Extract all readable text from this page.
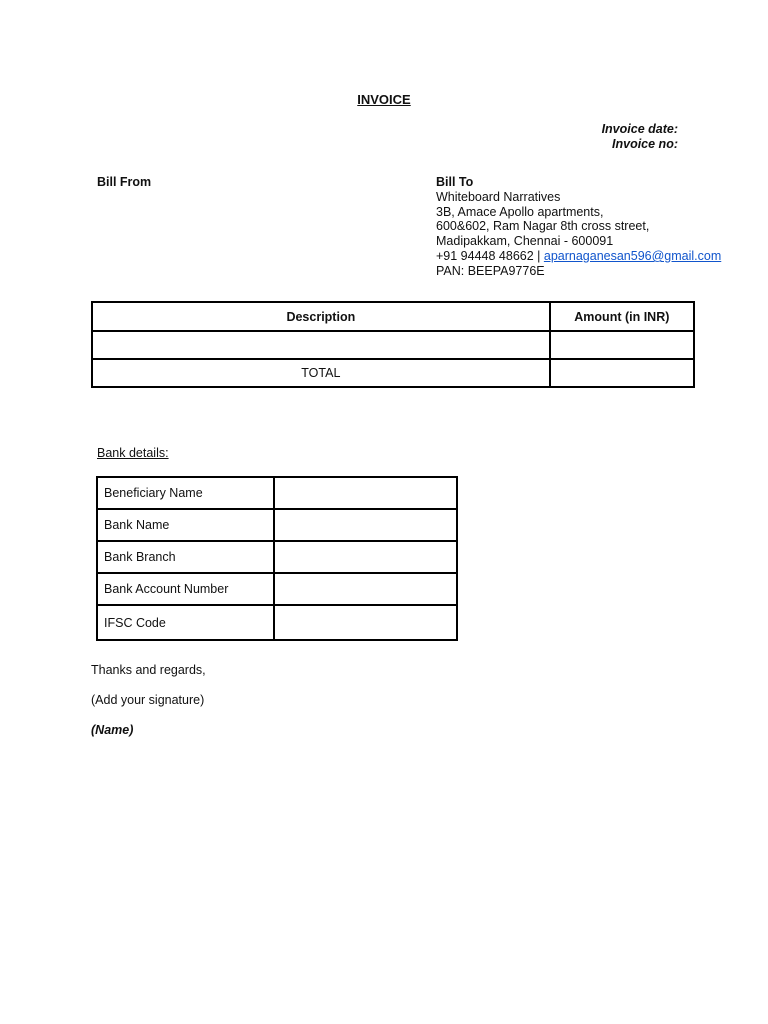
INVOICE
Invoice date:
Invoice no:
Bill From	Bill To
Whiteboard Narratives
3B, Amace Apollo apartments,
600&602, Ram Nagar 8th cross street,
Madipakkam, Chennai - 600091
+91 94448 48662 | aparnaganesan596@gmail.com
PAN: BEEPA9776E
Description	Amount (in INR)

TOTAL	
Bank details:
Beneficiary Name	
Bank Name	
Bank Branch	
Bank Account Number	
IFSC Code	
Thanks and regards,
(Add your signature)
(Name)
